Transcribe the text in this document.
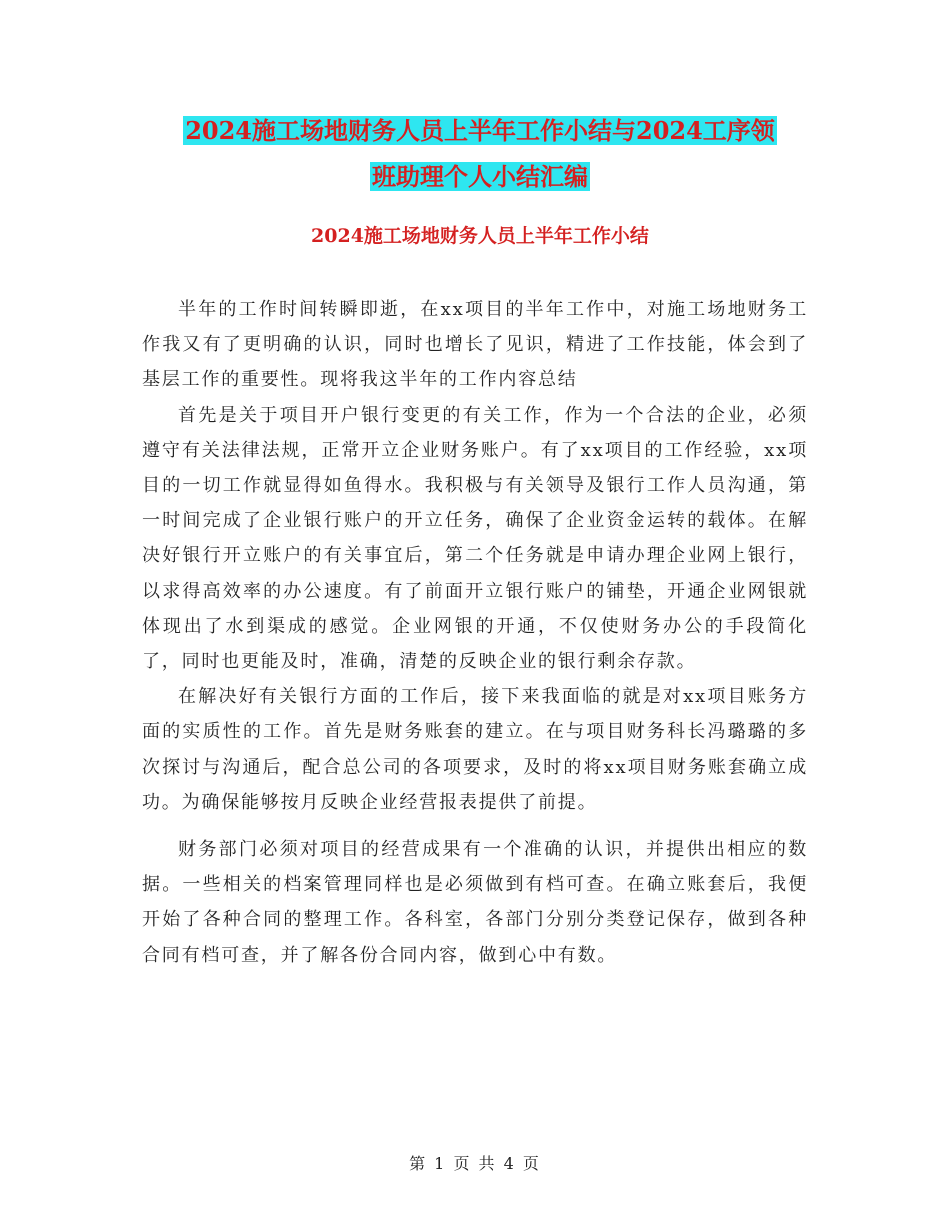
2024施工场地财务人员上半年工作小结与2024工序领
班助理个人小结汇编
2024施工场地财务人员上半年工作小结

半年的工作时间转瞬即逝，在xx项目的半年工作中，对施工场地财务工作我又有了更明确的认识，同时也增长了见识，精进了工作技能，体会到了基层工作的重要性。现将我这半年的工作内容总结

首先是关于项目开户银行变更的有关工作，作为一个合法的企业，必须遵守有关法律法规，正常开立企业财务账户。有了xx项目的工作经验，xx项目的一切工作就显得如鱼得水。我积极与有关领导及银行工作人员沟通，第一时间完成了企业银行账户的开立任务，确保了企业资金运转的载体。在解决好银行开立账户的有关事宜后，第二个任务就是申请办理企业网上银行，以求得高效率的办公速度。有了前面开立银行账户的铺垫，开通企业网银就体现出了水到渠成的感觉。企业网银的开通，不仅使财务办公的手段简化了，同时也更能及时，准确，清楚的反映企业的银行剩余存款。

在解决好有关银行方面的工作后，接下来我面临的就是对xx项目账务方面的实质性的工作。首先是财务账套的建立。在与项目财务科长冯璐璐的多次探讨与沟通后，配合总公司的各项要求，及时的将xx项目财务账套确立成功。为确保能够按月反映企业经营报表提供了前提。

财务部门必须对项目的经营成果有一个准确的认识，并提供出相应的数据。一些相关的档案管理同样也是必须做到有档可查。在确立账套后，我便开始了各种合同的整理工作。各科室，各部门分别分类登记保存，做到各种合同有档可查，并了解各份合同内容，做到心中有数。

第 1 页 共 4 页
